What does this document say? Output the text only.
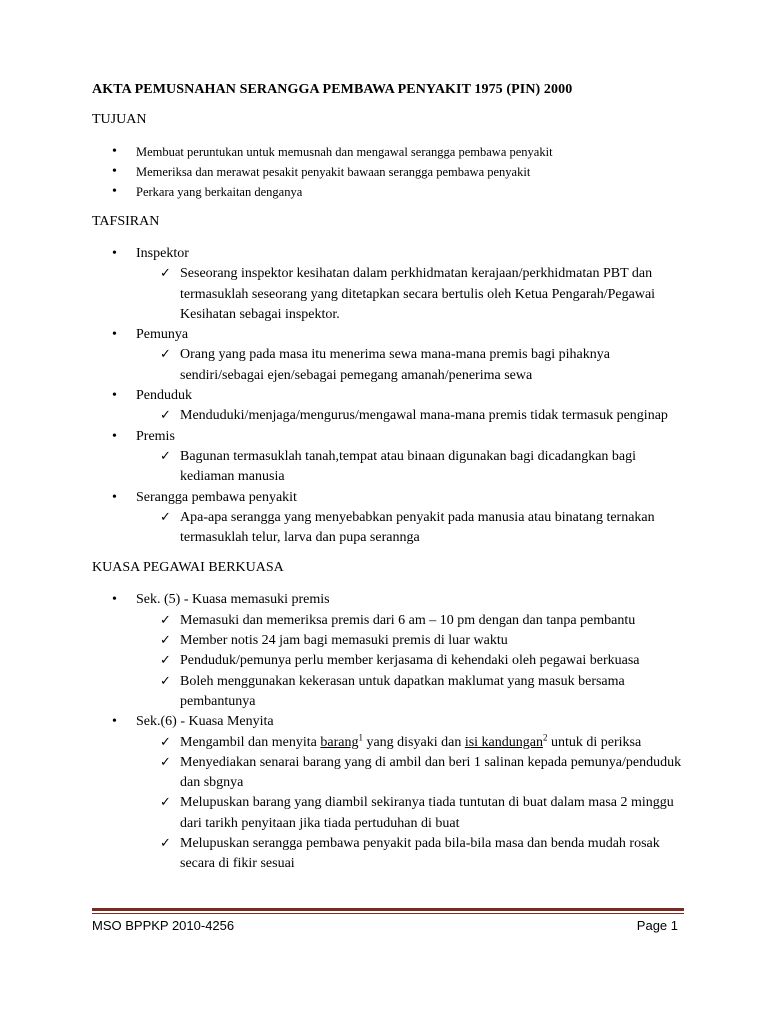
AKTA PEMUSNAHAN SERANGGA PEMBAWA PENYAKIT 1975 (PIN) 2000
TUJUAN
• Membuat peruntukan untuk memusnah dan mengawal serangga pembawa penyakit
• Memeriksa dan merawat pesakit penyakit bawaan serangga pembawa penyakit
• Perkara yang berkaitan denganya
TAFSIRAN
• Inspektor
✓ Seseorang inspektor kesihatan dalam perkhidmatan kerajaan/perkhidmatan PBT dan termasuklah seseorang yang ditetapkan secara bertulis oleh Ketua Pengarah/Pegawai Kesihatan sebagai inspektor.
• Pemunya
✓ Orang yang pada masa itu menerima sewa mana-mana premis bagi pihaknya sendiri/sebagai ejen/sebagai pemegang amanah/penerima sewa
• Penduduk
✓ Menduduki/menjaga/mengurus/mengawal mana-mana premis tidak termasuk penginap
• Premis
✓ Bagunan termasuklah tanah,tempat atau binaan digunakan bagi dicadangkan bagi kediaman manusia
• Serangga pembawa penyakit
✓ Apa-apa serangga yang menyebabkan penyakit pada manusia atau binatang ternakan termasuklah telur, larva dan pupa serannga
KUASA PEGAWAI BERKUASA
• Sek. (5) - Kuasa memasuki premis
✓ Memasuki dan memeriksa premis dari 6 am – 10 pm dengan dan tanpa pembantu
✓ Member notis 24 jam bagi memasuki premis di luar waktu
✓ Penduduk/pemunya perlu member kerjasama di kehendaki oleh pegawai berkuasa
✓ Boleh menggunakan kekerasan untuk dapatkan maklumat yang masuk bersama pembantunya
• Sek.(6) - Kuasa Menyita
✓ Mengambil dan menyita barang$^1$ yang disyaki dan isi kandungan$^2$ untuk di periksa
✓ Menyediakan senarai barang yang di ambil dan beri 1 salinan kepada pemunya/penduduk dan sbgnya
✓ Melupuskan barang yang diambil sekiranya tiada tuntutan di buat dalam masa 2 minggu dari tarikh penyitaan jika tiada pertuduhan di buat
✓ Melupuskan serangga pembawa penyakit pada bila-bila masa dan benda mudah rosak secara di fikir sesuai
MSO BPPKP 2010-4256	Page 1
